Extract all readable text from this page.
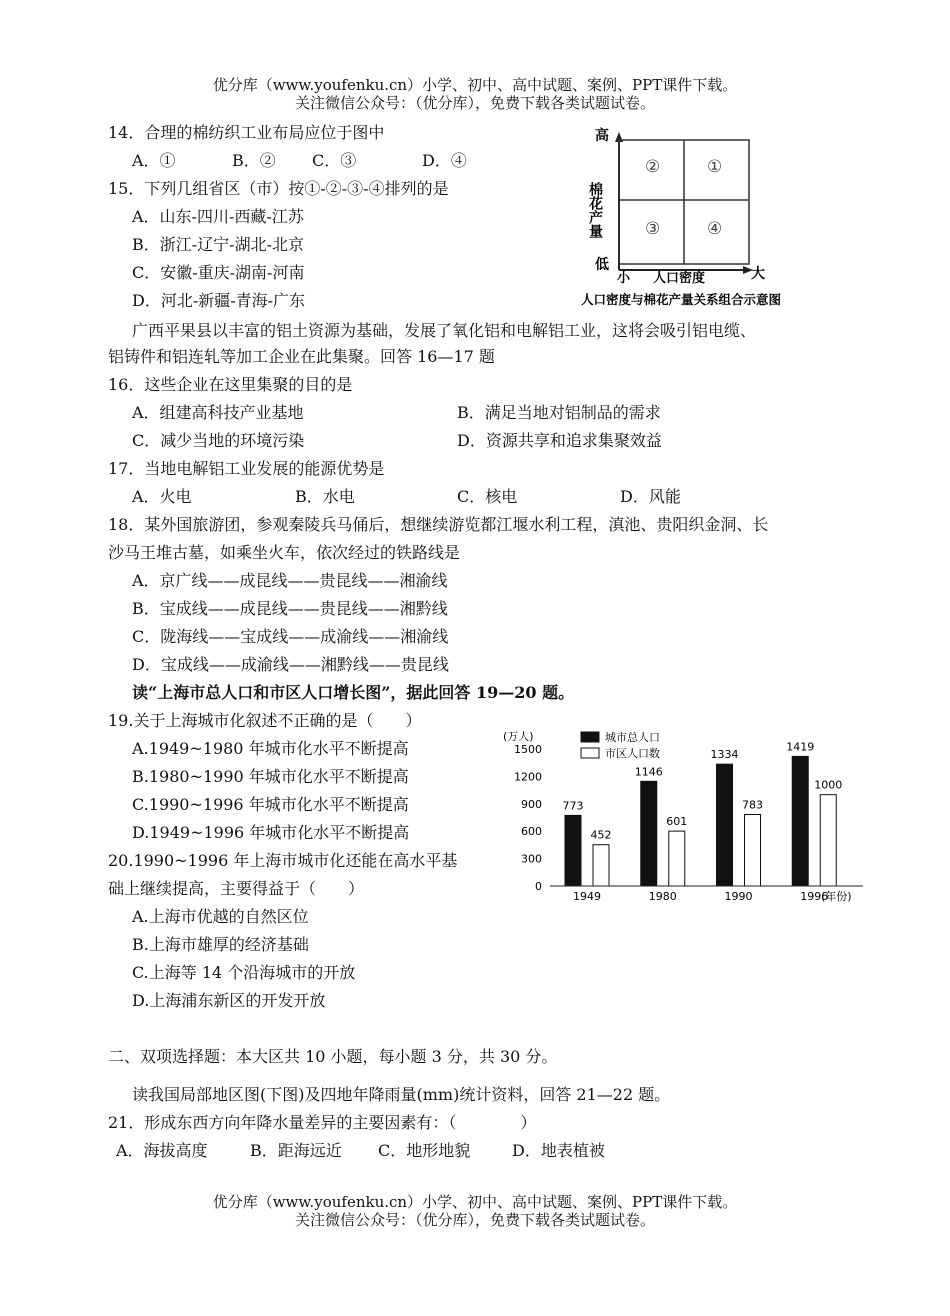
优分库（www.youfenku.cn）小学、初中、高中试题、案例、PPT课件下载。
关注微信公众号：（优分库），免费下载各类试题试卷。
14．合理的棉纺织工业布局应位于图中
A．①	B．② C．③	D．④
15．下列几组省区（市）按①-②-③-④排列的是
A．山东-四川-西藏-江苏
B．浙江-辽宁-湖北-北京
C．安徽-重庆-湖南-河南
D．河北-新疆-青海-广东
高
低
棉花产量
②	①
③	④
小 人口密度	大
人口密度与棉花产量关系组合示意图
广西平果县以丰富的铝土资源为基础，发展了氧化铝和电解铝工业，这将会吸引铝电缆、
铝铸件和铝连轧等加工企业在此集聚。回答 16—17 题
16．这些企业在这里集聚的目的是
A．组建高科技产业基地	B．满足当地对铝制品的需求
C．减少当地的环境污染	D．资源共享和追求集聚效益
17．当地电解铝工业发展的能源优势是
A．火电	B．水电	C．核电	D．风能
18．某外国旅游团，参观秦陵兵马俑后，想继续游览都江堰水利工程，滇池、贵阳织金洞、长
沙马王堆古墓，如乘坐火车，依次经过的铁路线是
A．京广线——成昆线——贵昆线——湘渝线
B．宝成线——成昆线——贵昆线——湘黔线
C．陇海线——宝成线——成渝线——湘渝线
D．宝成线——成渝线——湘黔线——贵昆线
读“上海市总人口和市区人口增长图”，据此回答 19—20 题。
19.关于上海城市化叙述不正确的是（　　）
A.1949~1980 年城市化水平不断提高
B.1980~1990 年城市化水平不断提高
C.1990~1996 年城市化水平不断提高
D.1949~1996 年城市化水平不断提高
20.1990~1996 年上海市城市化还能在高水平基
础上继续提高，主要得益于（　　）
A.上海市优越的自然区位
B.上海市雄厚的经济基础
C.上海等 14 个沿海城市的开放
D.上海浦东新区的开发开放
(万人)
0
300
600
900
1200
1500
773
452
1146
601
1334
783
1419
1000
1949	1980	1990	1996
城市总人口
市区人口数
(年份)
二、双项选择题：本大区共 10 小题，每小题 3 分，共 30 分。
读我国局部地区图(下图)及四地年降雨量(mm)统计资料，回答 21—22 题。
21．形成东西方向年降水量差异的主要因素有：（　　　　）
A．海拔高度	B．距海远近 C．地形地貌	D．地表植被
优分库（www.youfenku.cn）小学、初中、高中试题、案例、PPT课件下载。
关注微信公众号：（优分库），免费下载各类试题试卷。
